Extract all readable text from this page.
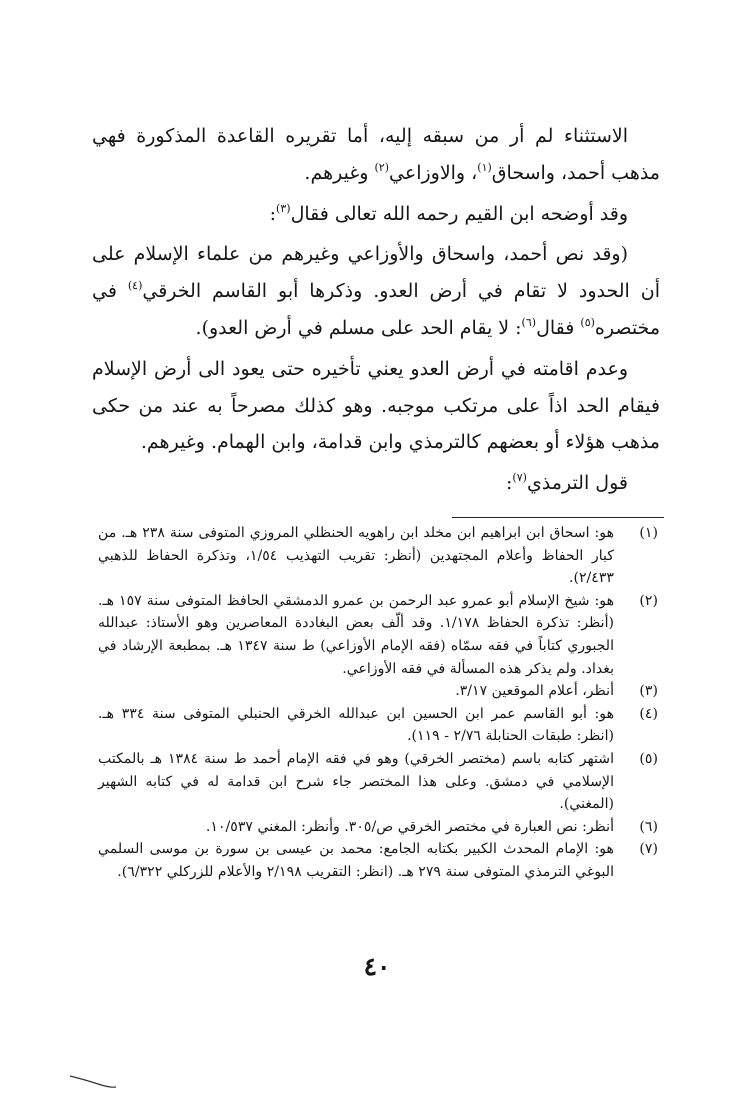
الاستثناء لم أر من سبقه إليه، أما تقريره القاعدة المذكورة فهي مذهب أحمد، واسحاق$^{(١)}$، والاوزاعي$^{(٢)}$ وغيرهم.

وقد أوضحه ابن القيم رحمه الله تعالى فقال$^{(٣)}$:

(وقد نص أحمد، واسحاق والأوزاعي وغيرهم من علماء الإسلام على أن الحدود لا تقام في أرض العدو. وذكرها أبو القاسم الخرقي$^{(٤)}$ في مختصره$^{(٥)}$ فقال$^{(٦)}$: لا يقام الحد على مسلم في أرض العدو).

وعدم اقامته في أرض العدو يعني تأخيره حتى يعود الى أرض الإسلام فيقام الحد اذاً على مرتكب موجبه. وهو كذلك مصرحاً به عند من حكى مذهب هؤلاء أو بعضهم كالترمذي وابن قدامة، وابن الهمام. وغيرهم.

قول الترمذي$^{(٧)}$:

(١)
هو: اسحاق ابن ابراهيم ابن مخلد ابن راهويه الحنظلي المروزي المتوفى سنة ٢٣٨ هـ. من كبار الحفاظ وأعلام المجتهدين (أنظر: تقريب التهذيب ١/٥٤، وتذكرة الحفاظ للذهبي ٢/٤٣٣).
(٢)
هو: شيخ الإسلام أبو عمرو عبد الرحمن بن عمرو الدمشقي الحافظ المتوفى سنة ١٥٧ هـ. (أنظر: تذكرة الحفاظ ١/١٧٨. وقد ألّف بعض البغاددة المعاصرين وهو الأستاذ: عبدالله الجبوري كتاباً في فقه سمّاه (فقه الإمام الأوزاعي) ط سنة ١٣٤٧ هـ. بمطبعة الإرشاد في بغداد. ولم يذكر هذه المسألة في فقه الأوزاعي.
(٣)
أنظر، أعلام الموقعين ٣/١٧.
(٤)
هو: أبو القاسم عمر ابن الحسين ابن عبدالله الخرقي الحنبلي المتوفى سنة ٣٣٤ هـ. (انظر: طبقات الحنابلة ٢/٧٦ - ١١٩).
(٥)
اشتهر كتابه باسم (مختصر الخرقي) وهو في فقه الإمام أحمد ط سنة ١٣٨٤ هـ بالمكتب الإسلامي في دمشق. وعلى هذا المختصر جاء شرح ابن قدامة له في كتابه الشهير (المغني).
(٦)
أنظر: نص العبارة في مختصر الخرقي ص/٣٠٥. وأنظر: المغني ١٠/٥٣٧.
(٧)
هو: الإمام المحدث الكبير بكتابه الجامع: محمد بن عيسى بن سورة بن موسى السلمي البوغي الترمذي المتوفى سنة ٢٧٩ هـ. (انظر: التقريب ٢/١٩٨ والأعلام للزركلي ٦/٣٢٢).
٤٠
